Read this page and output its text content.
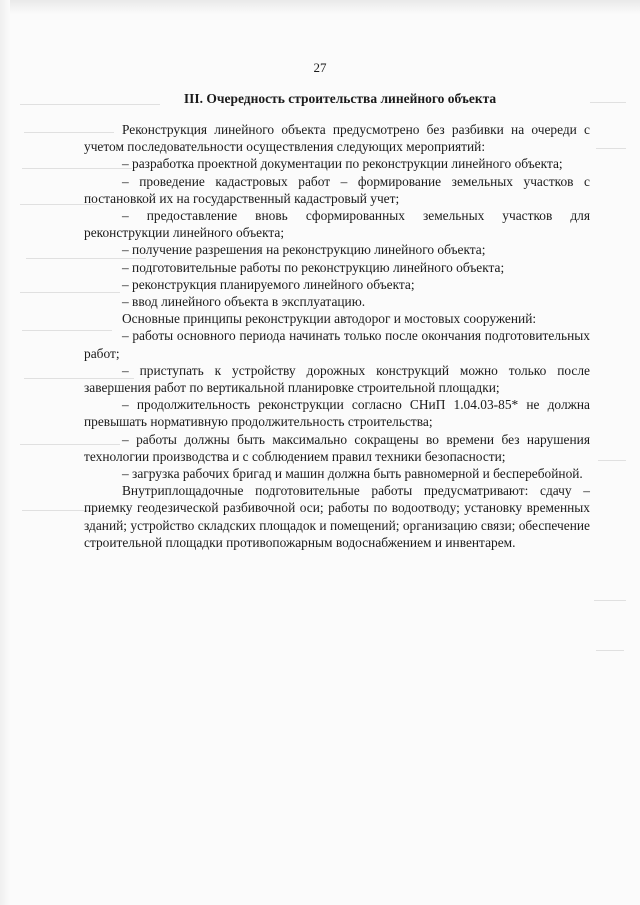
27
III. Очередность строительства линейного объекта

Реконструкция линейного объекта предусмотрено без разбивки на очереди с учетом последовательности осуществления следующих мероприятий:

– разработка проектной документации по реконструкции линейного объекта;

– проведение кадастровых работ – формирование земельных участков с постановкой их на государственный кадастровый учет;

– предоставление вновь сформированных земельных участков для реконструкции линейного объекта;

– получение разрешения на реконструкцию линейного объекта;

– подготовительные работы по реконструкцию линейного объекта;

– реконструкция планируемого линейного объекта;

– ввод линейного объекта в эксплуатацию.

Основные принципы реконструкции автодорог и мостовых сооружений:

– работы основного периода начинать только после окончания подготовительных работ;

– приступать к устройству дорожных конструкций можно только после завершения работ по вертикальной планировке строительной площадки;

– продолжительность реконструкции согласно СНиП 1.04.03-85* не должна превышать нормативную продолжительность строительства;

– работы должны быть максимально сокращены во времени без нарушения технологии производства и с соблюдением правил техники безопасности;

– загрузка рабочих бригад и машин должна быть равномерной и бесперебойной.

Внутриплощадочные подготовительные работы предусматривают: сдачу – приемку геодезической разбивочной оси; работы по водоотводу; установку временных зданий; устройство складских площадок и помещений; организацию связи; обеспечение строительной площадки противопожарным водоснабжением и инвентарем.
